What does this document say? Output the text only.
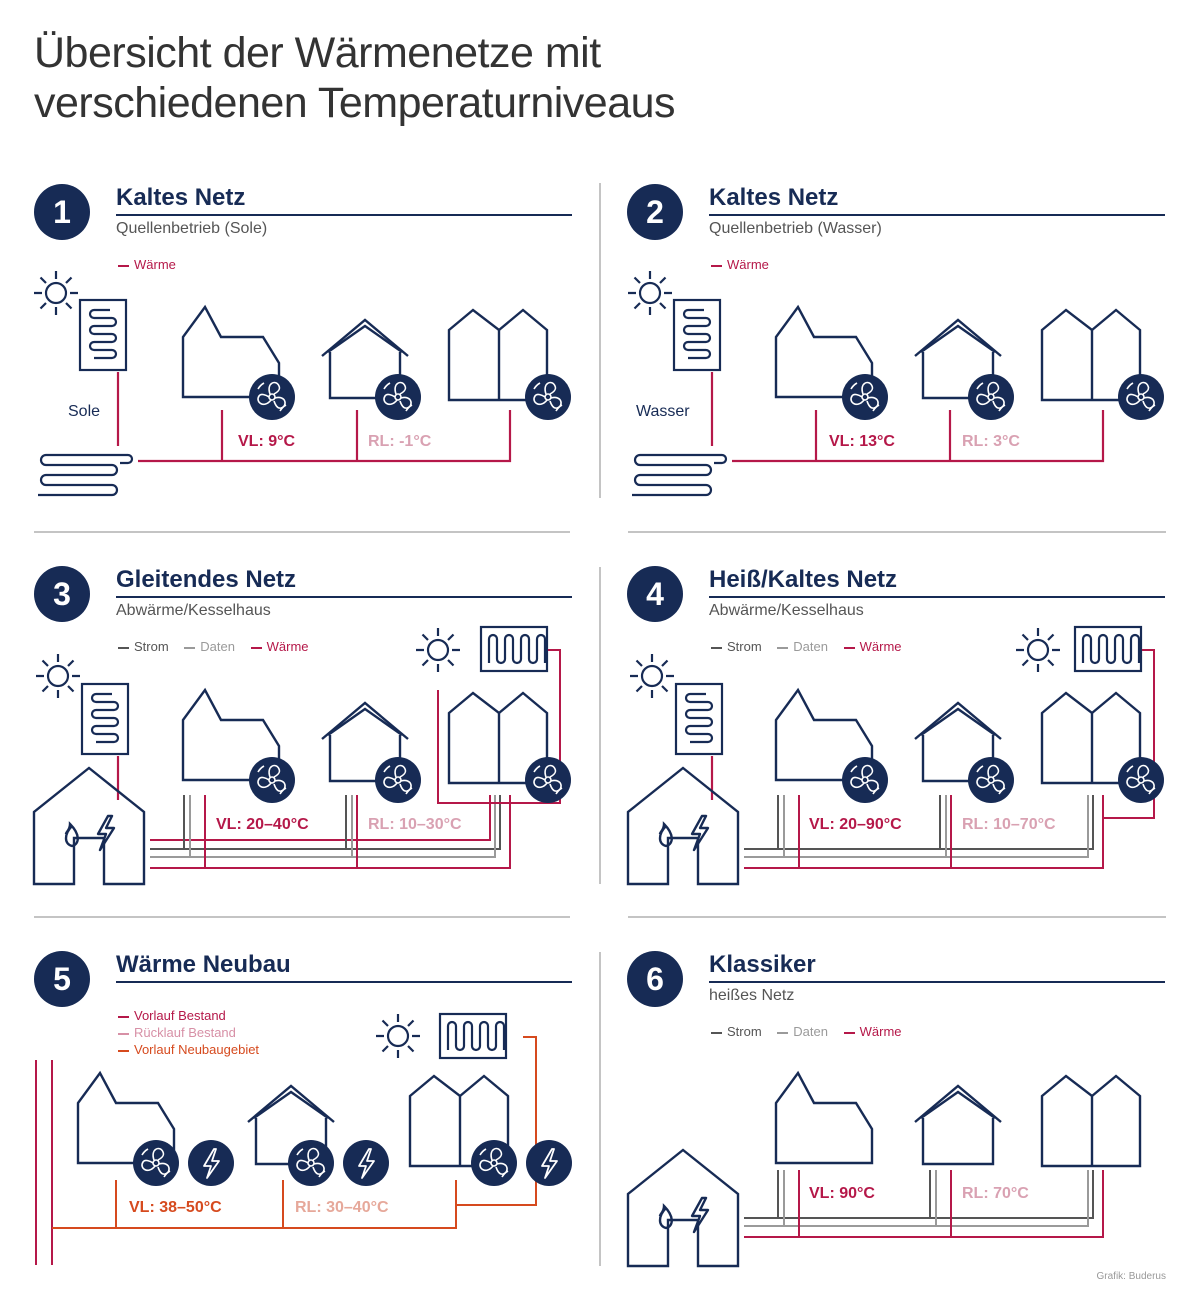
Übersicht der Wärmenetze mit
verschiedenen Temperaturniveaus
1	Kaltes Netz
Quellenbetrieb (Sole)
Wärme
Sole
VL: 9°C	RL: -1°C
2	Kaltes Netz
Quellenbetrieb (Wasser)
Wärme
Wasser
VL: 13°C	RL: 3°C
3	Gleitendes Netz
Abwärme/Kesselhaus
Strom Daten Wärme
VL: 20–40°C	RL: 10–30°C
4	Heiß/Kaltes Netz
Abwärme/Kesselhaus
Strom Daten Wärme
VL: 20–90°C	RL: 10–70°C
5	Wärme Neubau
Vorlauf Bestand
Rücklauf Bestand
Vorlauf Neubaugebiet
VL: 38–50°C	RL: 30–40°C
6	Klassiker
heißes Netz
Strom Daten Wärme
VL: 90°C	RL: 70°C
Grafik: Buderus
